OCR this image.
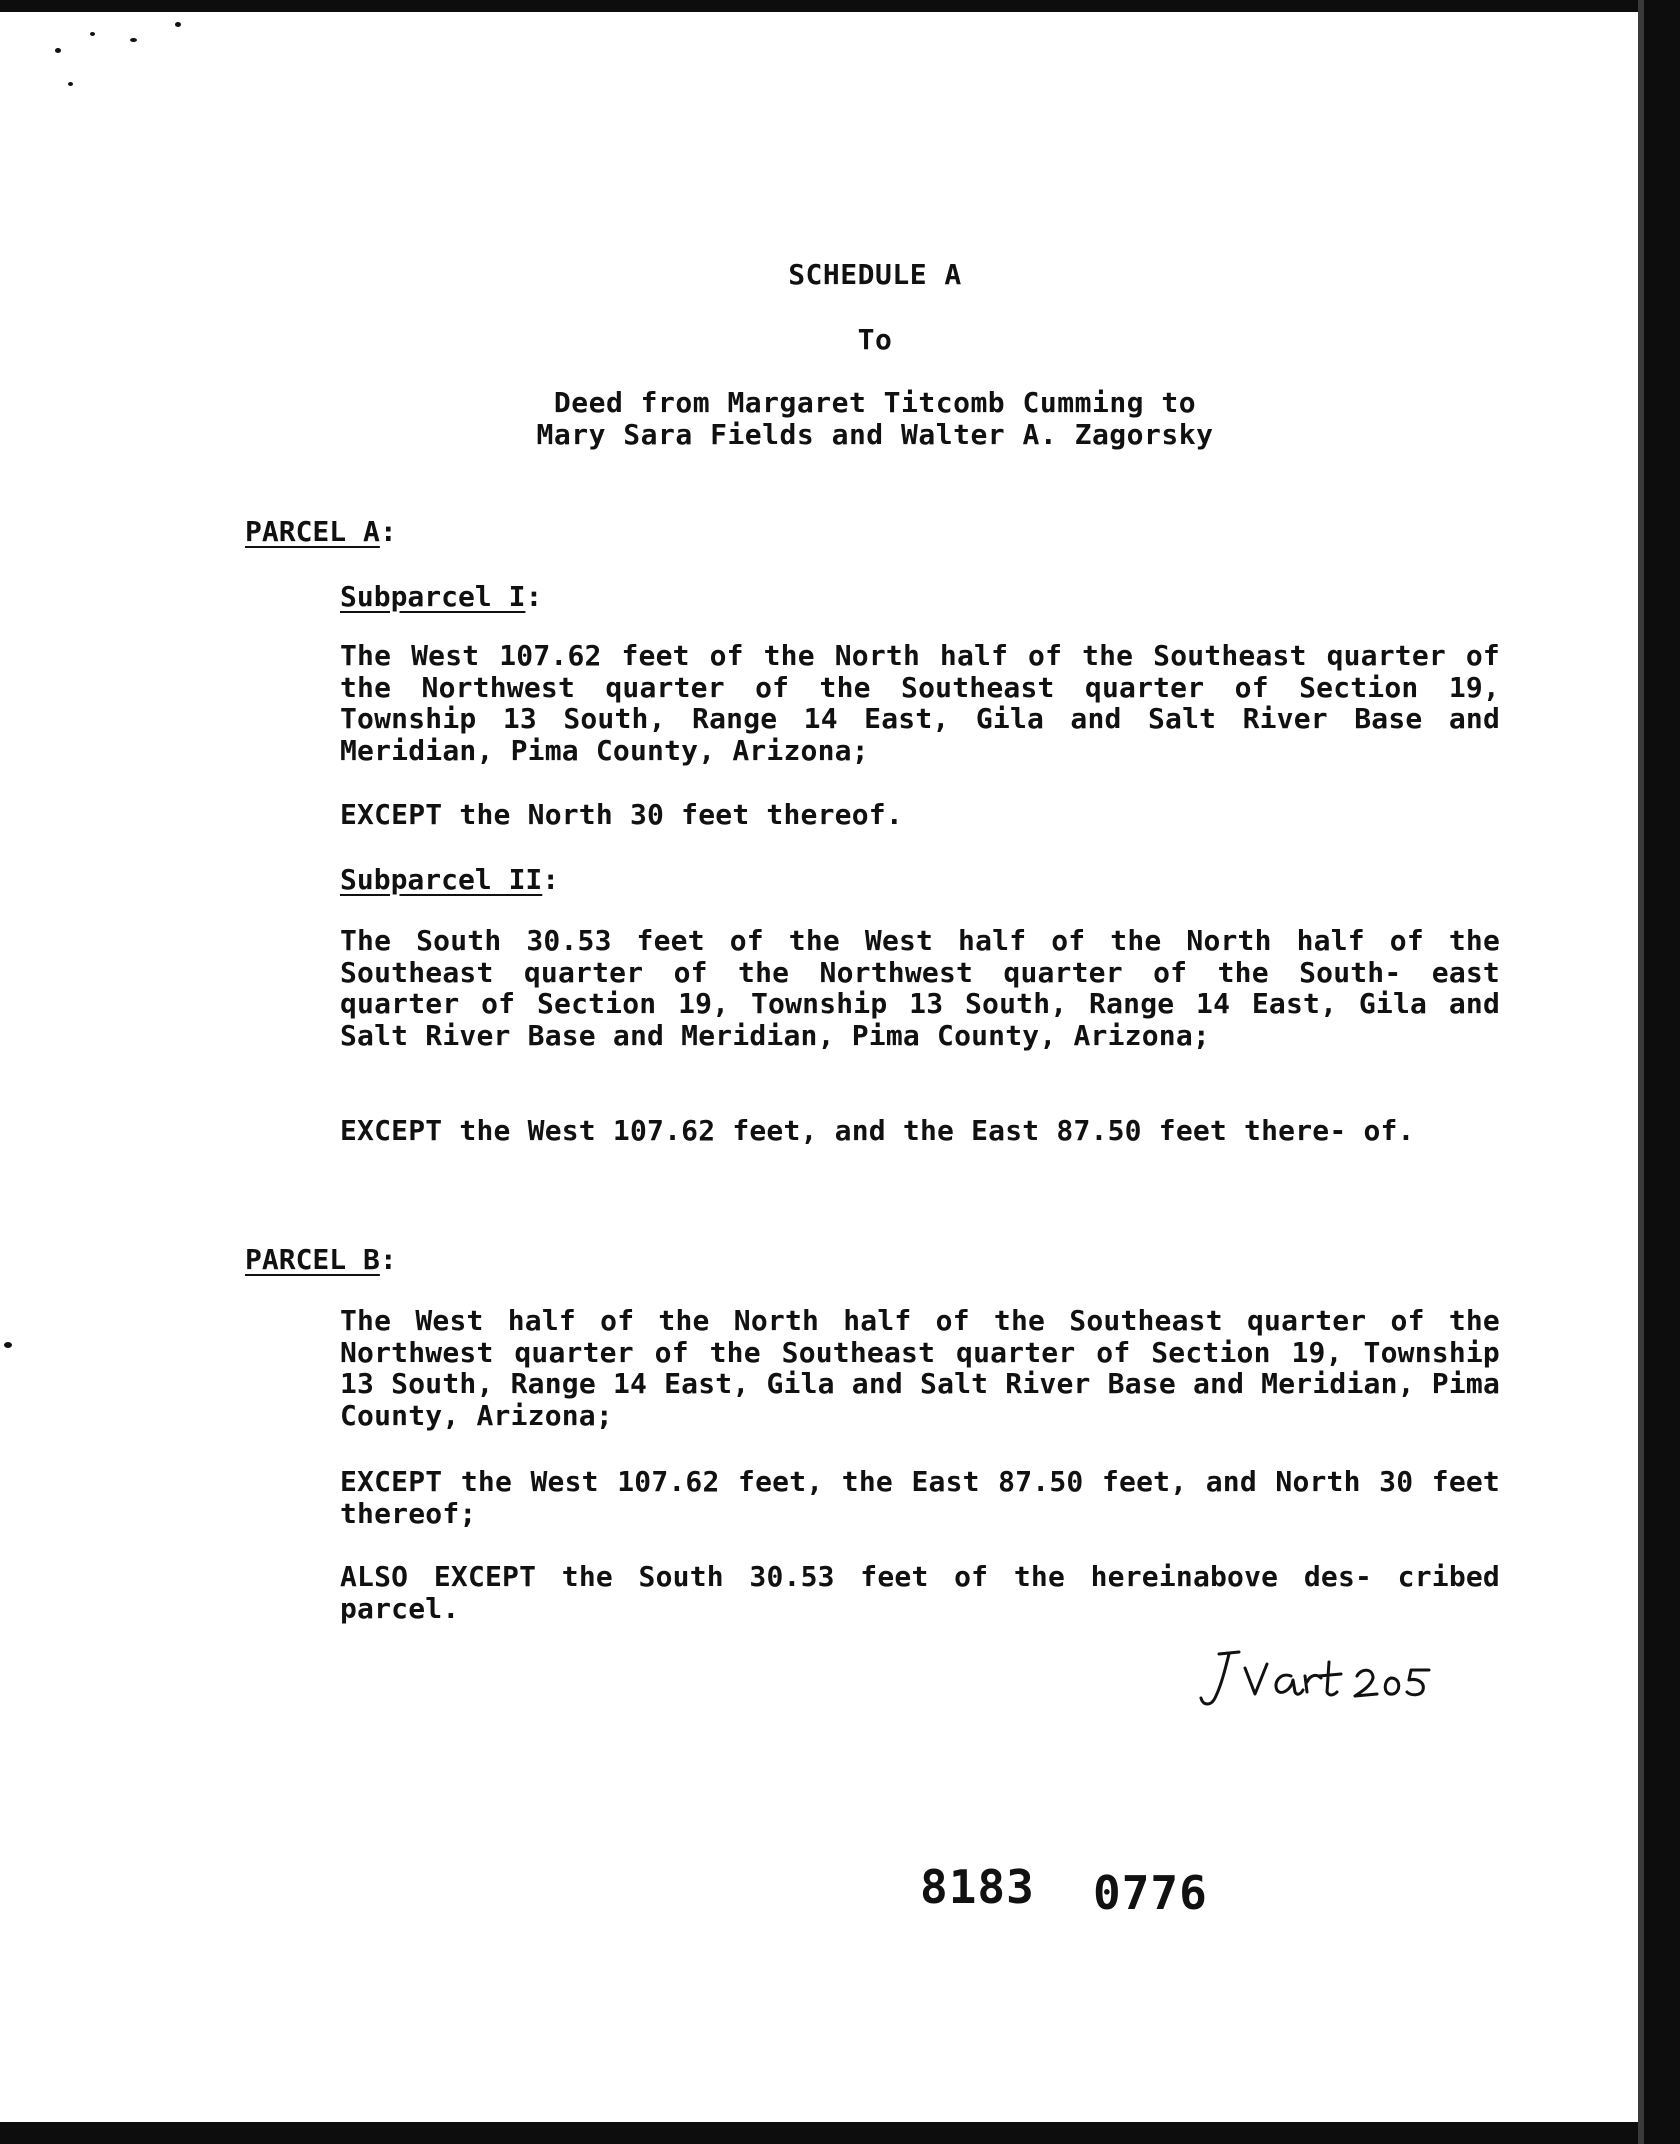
SCHEDULE A
To
Deed from Margaret Titcomb Cumming to
Mary Sara Fields and Walter A. Zagorsky
PARCEL A:
Subparcel I:
The West 107.62 feet of the North half of the Southeast quarter of the Northwest quarter of the Southeast quarter of Section 19, Township 13 South, Range 14 East, Gila and Salt River Base and Meridian, Pima County, Arizona;
EXCEPT the North 30 feet thereof.
Subparcel II:
The South 30.53 feet of the West half of the North half of the Southeast quarter of the Northwest quarter of the South- east quarter of Section 19, Township 13 South, Range 14 East, Gila and Salt River Base and Meridian, Pima County, Arizona;
EXCEPT the West 107.62 feet, and the East 87.50 feet there- of.
PARCEL B:
The West half of the North half of the Southeast quarter of the Northwest quarter of the Southeast quarter of Section 19, Township 13 South, Range 14 East, Gila and Salt River Base and Meridian, Pima County, Arizona;
EXCEPT the West 107.62 feet, the East 87.50 feet, and North 30 feet thereof;
ALSO EXCEPT the South 30.53 feet of the hereinabove des- cribed parcel.
8183 0776
